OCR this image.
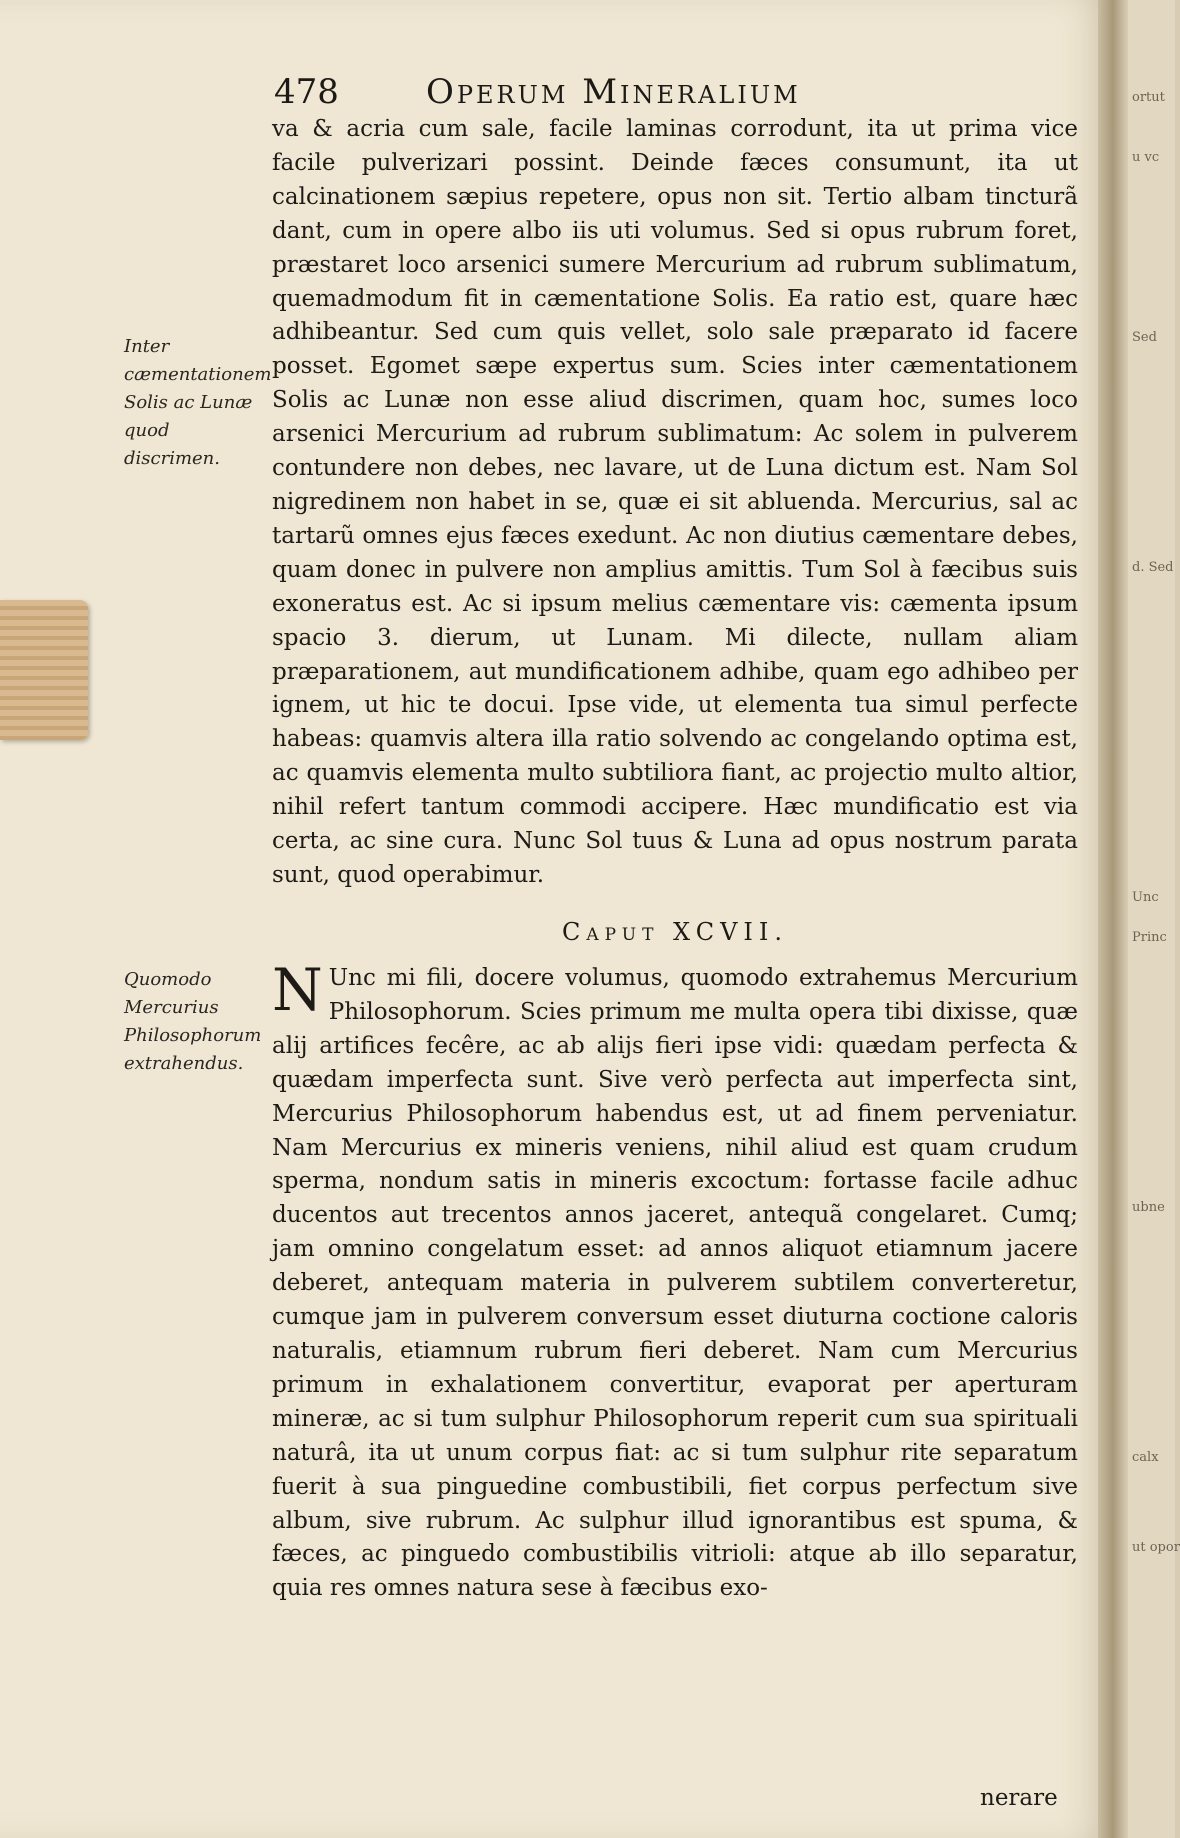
478	Operum Mineralium
Inter cæmentationem Solis ac Lunæ quod discrimen.

va & acria cum sale, facile laminas corrodunt, ita ut prima vice facile pulverizari possint. Deinde fæces consumunt, ita ut calcinationem sæpius repetere, opus non sit. Tertio albam tincturã dant, cum in opere albo iis uti volumus. Sed si opus rubrum foret, præstaret loco arsenici sumere Mercurium ad rubrum sublimatum, quemadmodum fit in cæmentatione Solis. Ea ratio est, quare hæc adhibeantur. Sed cum quis vellet, solo sale præparato id facere posset. Egomet sæpe expertus sum. Scies inter cæmentationem Solis ac Lunæ non esse aliud discrimen, quam hoc, sumes loco arsenici Mercurium ad rubrum sublimatum: Ac solem in pulverem contundere non debes, nec lavare, ut de Luna dictum est. Nam Sol nigredinem non habet in se, quæ ei sit abluenda. Mercurius, sal ac tartarũ omnes ejus fæces exedunt. Ac non diutius cæmentare debes, quam donec in pulvere non amplius amittis. Tum Sol à fæcibus suis exoneratus est. Ac si ipsum melius cæmentare vis: cæmenta ipsum spacio 3. dierum, ut Lunam. Mi dilecte, nullam aliam præparationem, aut mundificationem adhibe, quam ego adhibeo per ignem, ut hic te docui. Ipse vide, ut elementa tua simul perfecte habeas: quamvis altera illa ratio solvendo ac congelando optima est, ac quamvis elementa multo subtiliora fiant, ac projectio multo altior, nihil refert tantum commodi accipere. Hæc mundificatio est via certa, ac sine cura. Nunc Sol tuus & Luna ad opus nostrum parata sunt, quod operabimur.

Caput XCVII.
Quomodo Mercurius Philosophorum extrahendus.

N Unc mi fili, docere volumus, quomodo extrahemus Mercurium Philosophorum. Scies primum me multa opera tibi dixisse, quæ alij artifices fecêre, ac ab alijs fieri ipse vidi: quædam perfecta & quædam imperfecta sunt. Sive verò perfecta aut imperfecta sint, Mercurius Philosophorum habendus est, ut ad finem perveniatur. Nam Mercurius ex mineris veniens, nihil aliud est quam crudum sperma, nondum satis in mineris excoctum: fortasse facile adhuc ducentos aut trecentos annos jaceret, antequã congelaret. Cumq; jam omnino congelatum esset: ad annos aliquot etiamnum jacere deberet, antequam materia in pulverem subtilem converteretur, cumque jam in pulverem conversum esset diuturna coctione caloris naturalis, etiamnum rubrum fieri deberet. Nam cum Mercurius primum in exhalationem convertitur, evaporat per aperturam mineræ, ac si tum sulphur Philosophorum reperit cum sua spirituali naturâ, ita ut unum corpus fiat: ac si tum sulphur rite separatum fuerit à sua pinguedine combustibili, fiet corpus perfectum sive album, sive rubrum. Ac sulphur illud ignorantibus est spuma, & fæces, ac pinguedo combustibilis vitrioli: atque ab illo separatur, quia res omnes natura sese à fæcibus exo-

nerare
ortut
u vc
Sed
d. Sed
Unc
Princ
ubne
calx
ut opor
